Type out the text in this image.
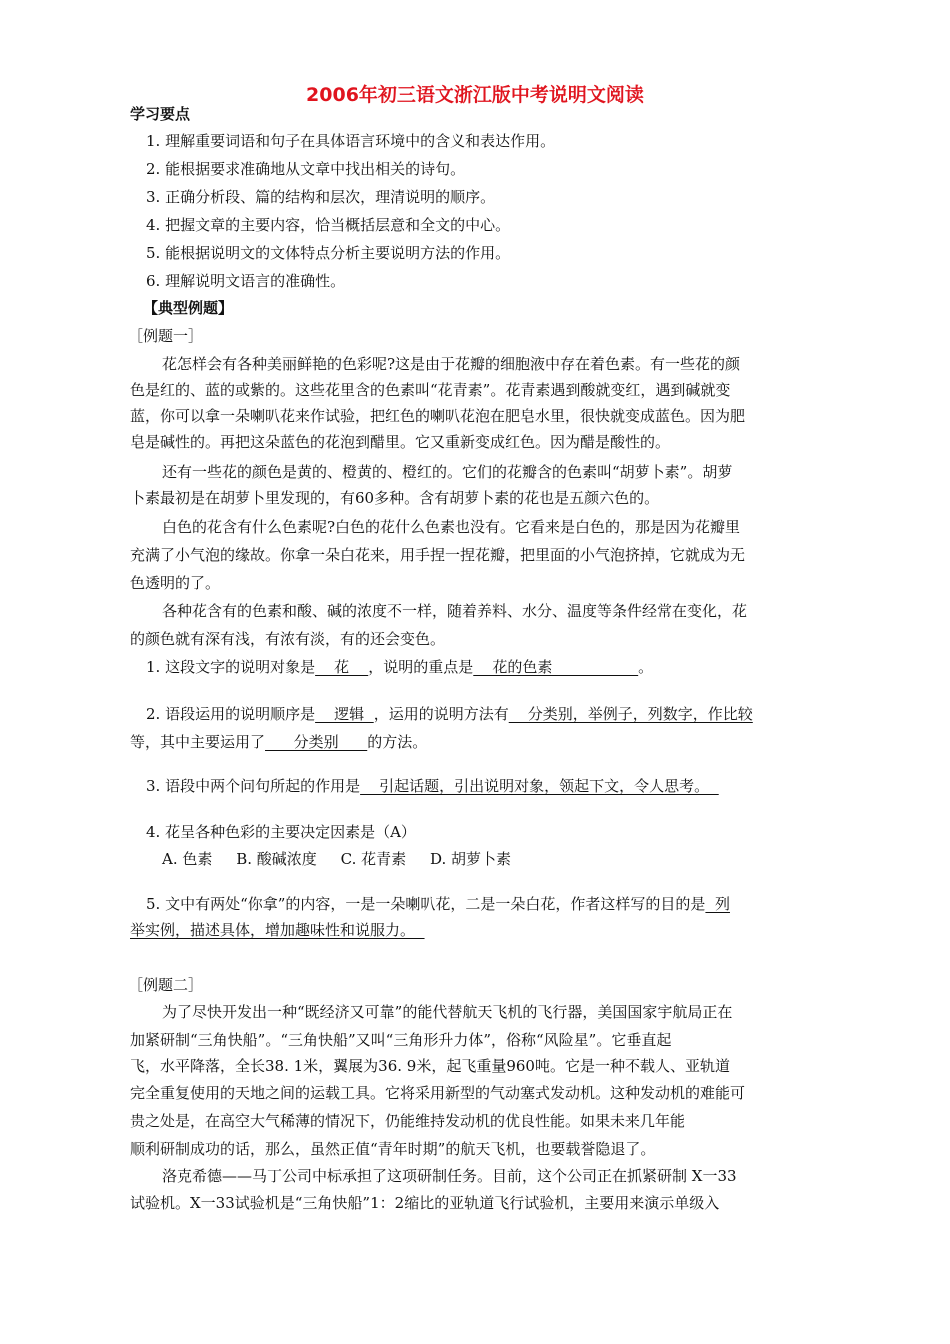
2006年初三语文浙江版中考说明文阅读
学习要点
1. 理解重要词语和句子在具体语言环境中的含义和表达作用。
2. 能根据要求准确地从文章中找出相关的诗句。
3. 正确分析段、篇的结构和层次，理清说明的顺序。
4. 把握文章的主要内容，恰当概括层意和全文的中心。
5. 能根据说明文的文体特点分析主要说明方法的作用。
6. 理解说明文语言的准确性。
【典型例题】
［例题一］
花怎样会有各种美丽鲜艳的色彩呢?这是由于花瓣的细胞液中存在着色素。有一些花的颜
色是红的、蓝的或紫的。这些花里含的色素叫“花青素”。花青素遇到酸就变红，遇到碱就变
蓝，你可以拿一朵喇叭花来作试验，把红色的喇叭花泡在肥皂水里，很快就变成蓝色。因为肥
皂是碱性的。再把这朵蓝色的花泡到醋里。它又重新变成红色。因为醋是酸性的。
还有一些花的颜色是黄的、橙黄的、橙红的。它们的花瓣含的色素叫“胡萝卜素”。胡萝
卜素最初是在胡萝卜里发现的，有60多种。含有胡萝卜素的花也是五颜六色的。
白色的花含有什么色素呢?白色的花什么色素也没有。它看来是白色的，那是因为花瓣里
充满了小气泡的缘故。你拿一朵白花来，用手捏一捏花瓣，把里面的小气泡挤掉，它就成为无
色透明的了。
各种花含有的色素和酸、碱的浓度不一样，随着养料、水分、温度等条件经常在变化，花
的颜色就有深有浅，有浓有淡，有的还会变色。
1. 这段文字的说明对象是    花    ，说明的重点是    花的色素                  。
2. 语段运用的说明顺序是    逻辑  ，运用的说明方法有    分类别，举例子，列数字，作比较
等，其中主要运用了      分类别      的方法。
3. 语段中两个问句所起的作用是    引起话题，引出说明对象，领起下文，令人思考。
4. 花呈各种色彩的主要决定因素是（A）
A. 色素 B. 酸碱浓度 C. 花青素 D. 胡萝卜素
5. 文中有两处“你拿”的内容，一是一朵喇叭花，二是一朵白花，作者这样写的目的是  列
举实例，描述具体，增加趣味性和说服力。
［例题二］
为了尽快开发出一种“既经济又可靠”的能代替航天飞机的飞行器，美国国家宇航局正在
加紧研制“三角快船”。“三角快船”又叫“三角形升力体”，俗称“风险星”。它垂直起
飞，水平降落，全长38. 1米，翼展为36. 9米，起飞重量960吨。它是一种不载人、亚轨道
完全重复使用的天地之间的运载工具。它将采用新型的气动塞式发动机。这种发动机的难能可
贵之处是，在高空大气稀薄的情况下，仍能维持发动机的优良性能。如果未来几年能
顺利研制成功的话，那么，虽然正值“青年时期”的航天飞机，也要载誉隐退了。
洛克希德——马丁公司中标承担了这项研制任务。目前，这个公司正在抓紧研制 X一33
试验机。X一33试验机是“三角快船”1：2缩比的亚轨道飞行试验机，主要用来演示单级入
